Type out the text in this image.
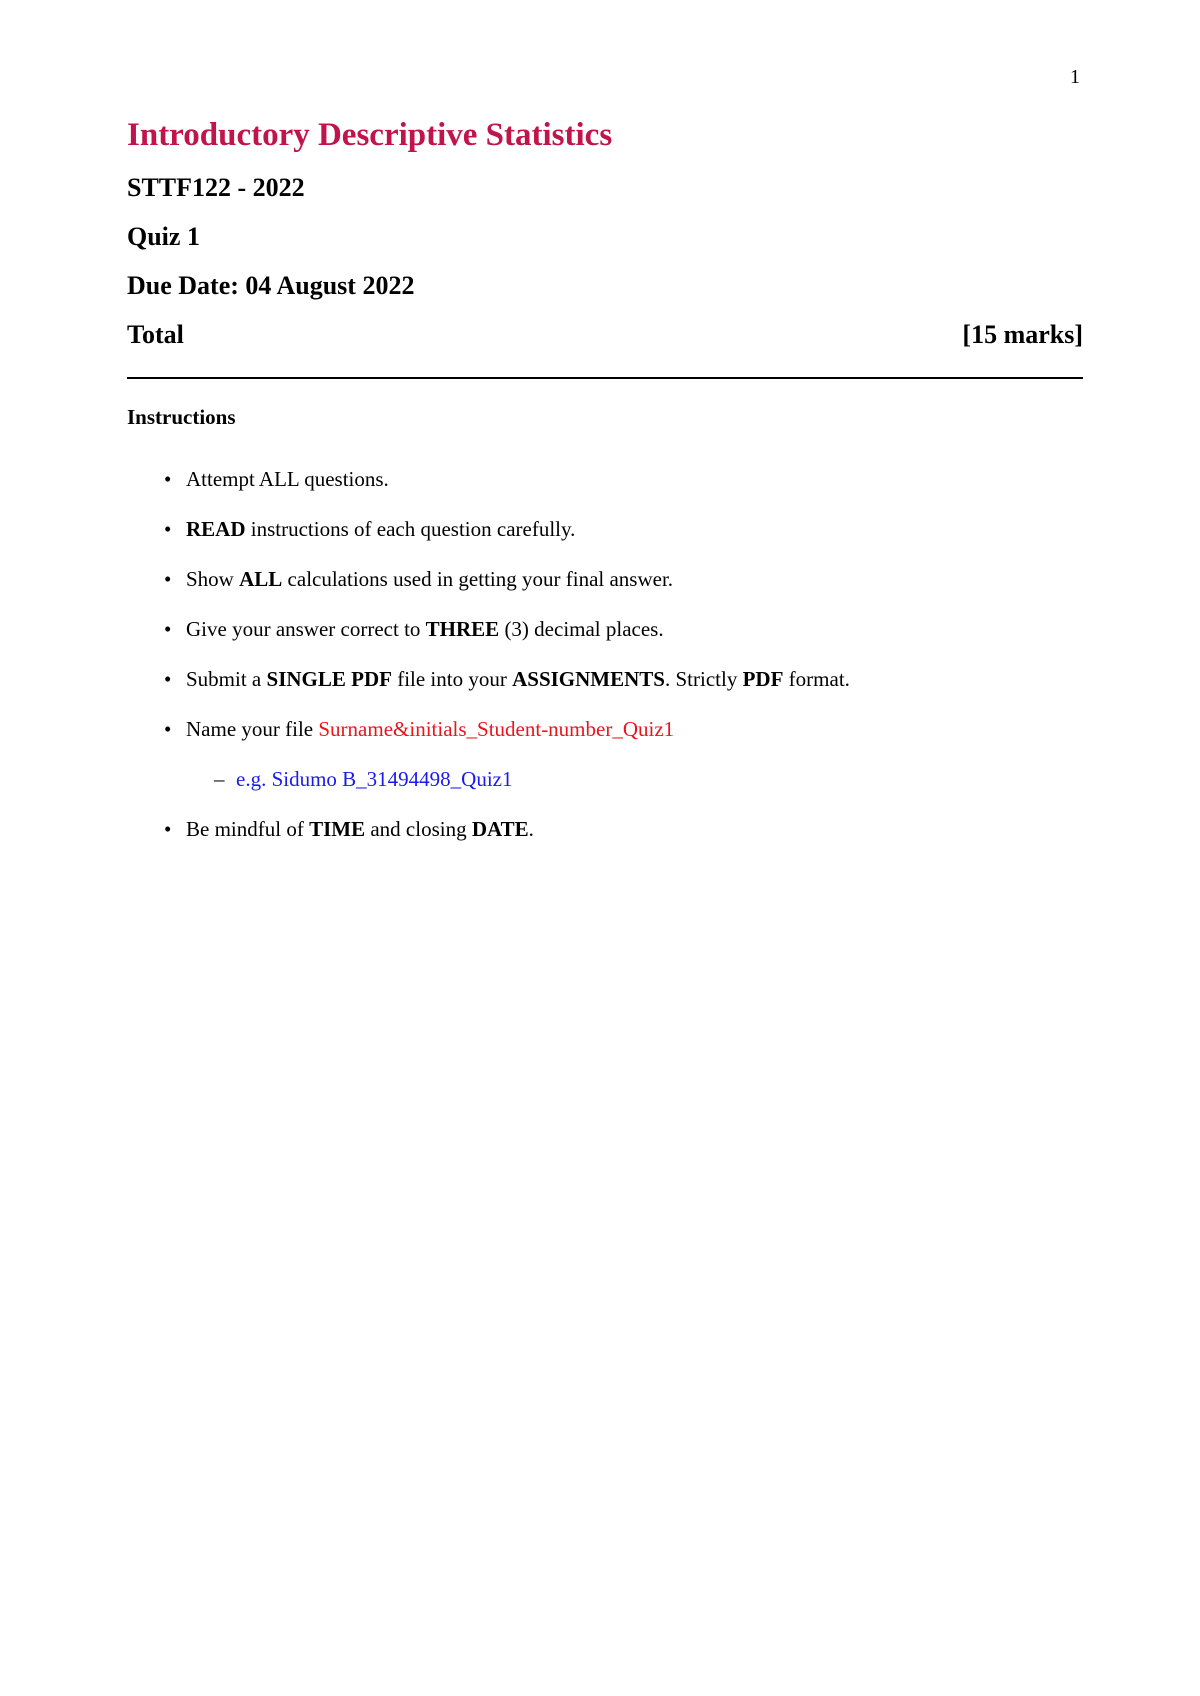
1
Introductory Descriptive Statistics
STTF122 - 2022
Quiz 1
Due Date: 04 August 2022
Total	[15 marks]
Instructions
• Attempt ALL questions.
• READ instructions of each question carefully.
• Show ALL calculations used in getting your final answer.
• Give your answer correct to THREE (3) decimal places.
• Submit a SINGLE PDF file into your ASSIGNMENTS. Strictly PDF format.
• Name your file Surname&initials_Student-number_Quiz1
– e.g. Sidumo B_31494498_Quiz1
• Be mindful of TIME and closing DATE.
